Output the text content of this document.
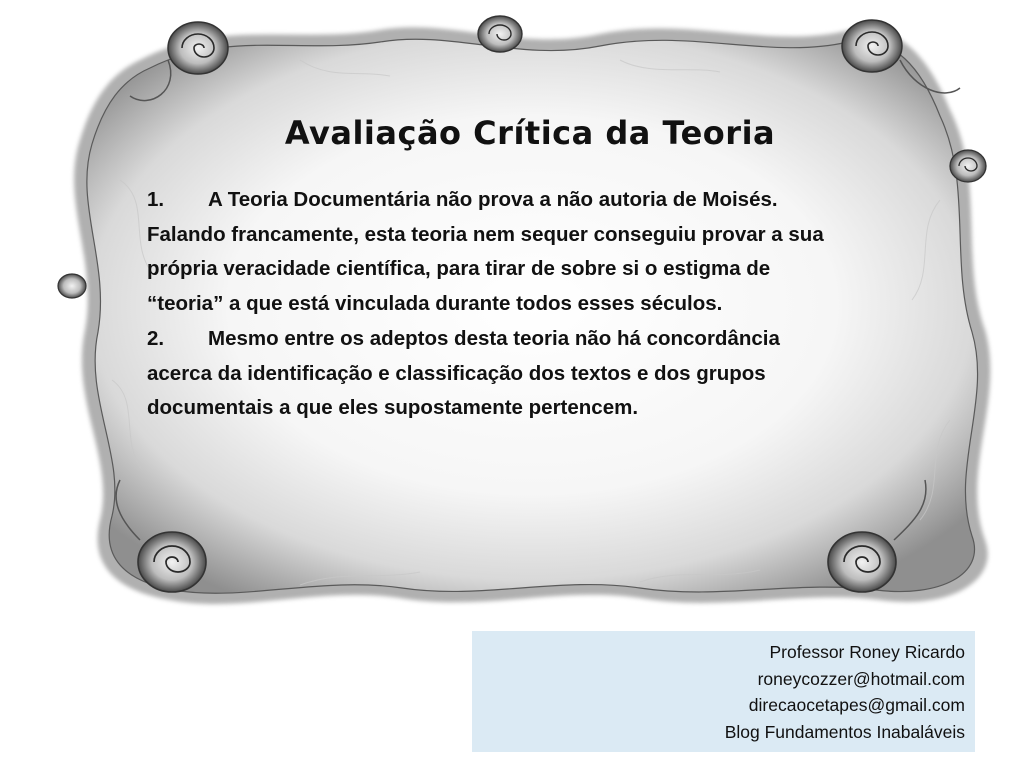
Avaliação Crítica da Teoria

1. A Teoria Documentária não prova a não autoria de Moisés. Falando francamente, esta teoria nem sequer conseguiu provar a sua própria veracidade científica, para tirar de sobre si o estigma de “teoria” a que está vinculada durante todos esses séculos.

2. Mesmo entre os adeptos desta teoria não há concordância acerca da identificação e classificação dos textos e dos grupos documentais a que eles supostamente pertencem.

Professor Roney Ricardo
roneycozzer@hotmail.com
direcaocetapes@gmail.com
Blog Fundamentos Inabaláveis
